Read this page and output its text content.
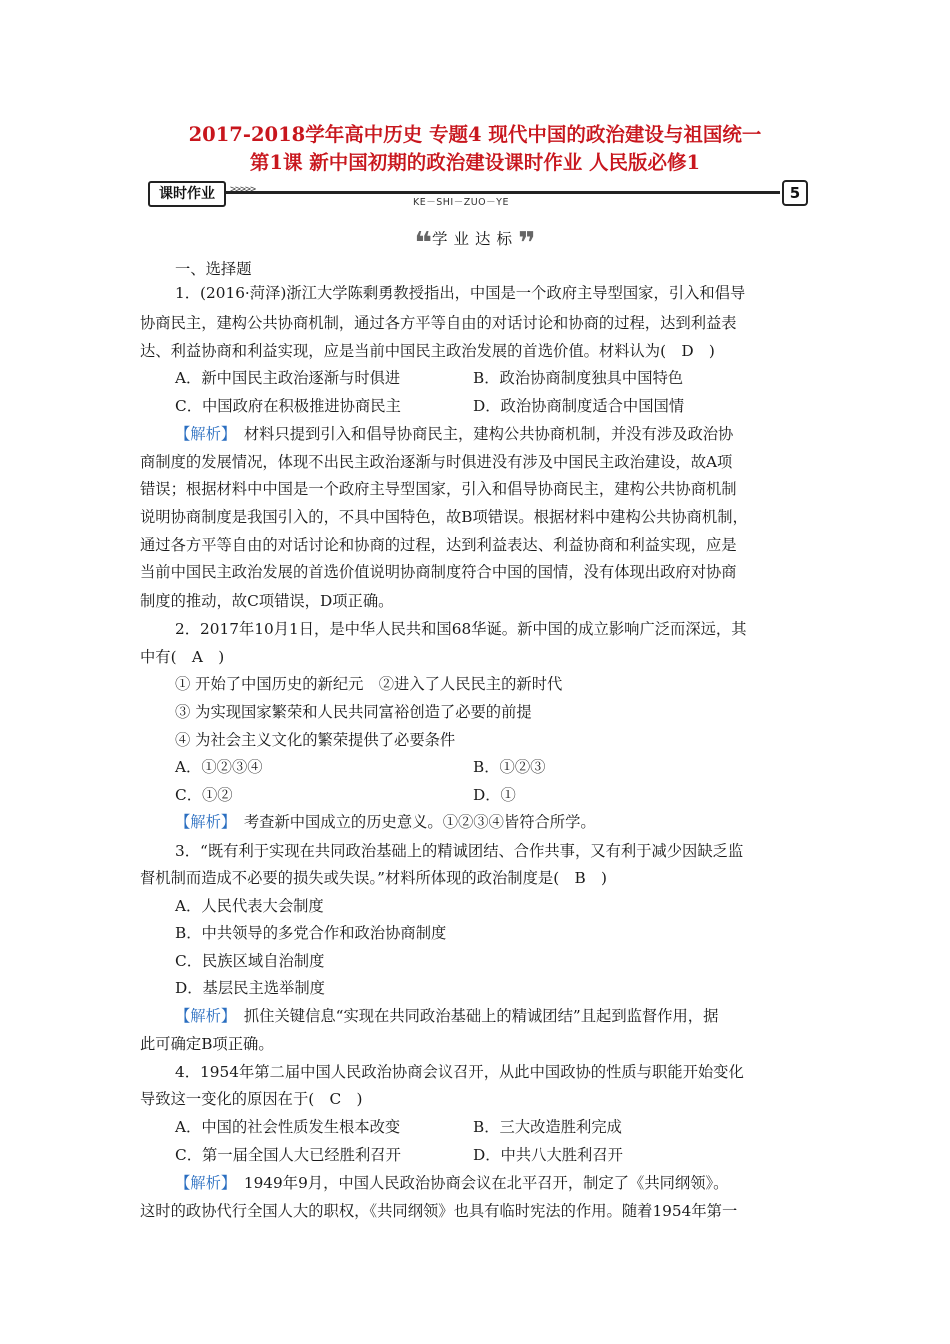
2017-2018学年高中历史 专题4 现代中国的政治建设与祖国统一
第1课 新中国初期的政治建设课时作业 人民版必修1
课时作业	>>>>>
KE－SHI－ZUO－YE
5
❝学业达标❞
一、选择题
1．(2016·菏泽)浙江大学陈剩勇教授指出，中国是一个政府主导型国家，引入和倡导
协商民主，建构公共协商机制，通过各方平等自由的对话讨论和协商的过程，达到利益表
达、利益协商和利益实现，应是当前中国民主政治发展的首选价值。材料认为(　D　)
A．新中国民主政治逐渐与时俱进	B．政治协商制度独具中国特色
C．中国政府在积极推进协商民主	D．政治协商制度适合中国国情
【解析】　材料只提到引入和倡导协商民主，建构公共协商机制，并没有涉及政治协
商制度的发展情况，体现不出民主政治逐渐与时俱进没有涉及中国民主政治建设，故A项
错误；根据材料中中国是一个政府主导型国家，引入和倡导协商民主，建构公共协商机制
说明协商制度是我国引入的，不具中国特色，故B项错误。根据材料中建构公共协商机制，
通过各方平等自由的对话讨论和协商的过程，达到利益表达、利益协商和利益实现，应是
当前中国民主政治发展的首选价值说明协商制度符合中国的国情，没有体现出政府对协商
制度的推动，故C项错误，D项正确。
2．2017年10月1日，是中华人民共和国68华诞。新中国的成立影响广泛而深远，其
中有(　A　)
① 开始了中国历史的新纪元　②进入了人民民主的新时代
③ 为实现国家繁荣和人民共同富裕创造了必要的前提
④ 为社会主义文化的繁荣提供了必要条件
A．①②③④	B．①②③
C．①②	D．①
【解析】　考查新中国成立的历史意义。①②③④皆符合所学。
3．“既有利于实现在共同政治基础上的精诚团结、合作共事，又有利于减少因缺乏监
督机制而造成不必要的损失或失误。”材料所体现的政治制度是(　B　)
A．人民代表大会制度
B．中共领导的多党合作和政治协商制度
C．民族区域自治制度
D．基层民主选举制度
【解析】　抓住关键信息“实现在共同政治基础上的精诚团结”且起到监督作用，据
此可确定B项正确。
4．1954年第二届中国人民政治协商会议召开，从此中国政协的性质与职能开始变化
导致这一变化的原因在于(　C　)
A．中国的社会性质发生根本改变	B．三大改造胜利完成
C．第一届全国人大已经胜利召开	D．中共八大胜利召开
【解析】　1949年9月，中国人民政治协商会议在北平召开，制定了《共同纲领》。
这时的政协代行全国人大的职权，《共同纲领》也具有临时宪法的作用。随着1954年第一
